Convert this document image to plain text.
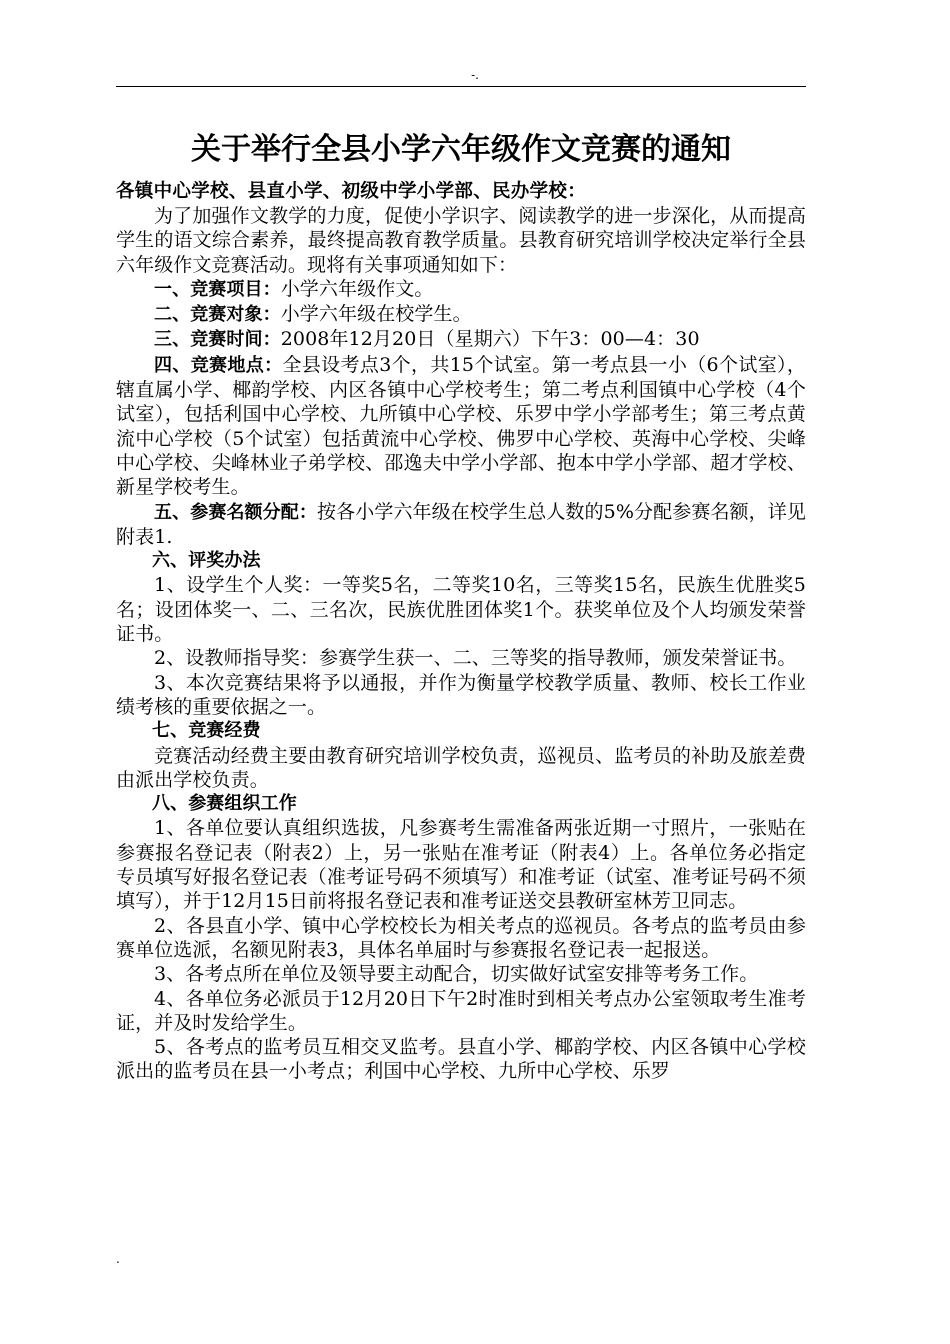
-.
关于举行全县小学六年级作文竞赛的通知

各镇中心学校、县直小学、初级中学小学部、民办学校：

为了加强作文教学的力度，促使小学识字、阅读教学的进一步深化，从而提高学生的语文综合素养，最终提高教育教学质量。县教育研究培训学校决定举行全县六年级作文竞赛活动。现将有关事项通知如下：

一、竞赛项目：小学六年级作文。

二、竞赛对象：小学六年级在校学生。

三、竞赛时间：2008年12月20日（星期六）下午3：00—4：30

四、竞赛地点：全县设考点3个，共15个试室。第一考点县一小（6个试室），辖直属小学、椰韵学校、内区各镇中心学校考生；第二考点利国镇中心学校（4个试室），包括利国中心学校、九所镇中心学校、乐罗中学小学部考生；第三考点黄流中心学校（5个试室）包括黄流中心学校、佛罗中心学校、英海中心学校、尖峰中心学校、尖峰林业子弟学校、邵逸夫中学小学部、抱本中学小学部、超才学校、新星学校考生。

五、参赛名额分配：按各小学六年级在校学生总人数的5%分配参赛名额，详见附表1.

六、评奖办法

1、设学生个人奖：一等奖5名，二等奖10名，三等奖15名，民族生优胜奖5名；设团体奖一、二、三名次，民族优胜团体奖1个。获奖单位及个人均颁发荣誉证书。

2、设教师指导奖：参赛学生获一、二、三等奖的指导教师，颁发荣誉证书。

3、本次竞赛结果将予以通报，并作为衡量学校教学质量、教师、校长工作业绩考核的重要依据之一。

七、竞赛经费

竞赛活动经费主要由教育研究培训学校负责，巡视员、监考员的补助及旅差费由派出学校负责。

八、参赛组织工作

1、各单位要认真组织选拔，凡参赛考生需准备两张近期一寸照片，一张贴在参赛报名登记表（附表2）上，另一张贴在准考证（附表4）上。各单位务必指定专员填写好报名登记表（准考证号码不须填写）和准考证（试室、准考证号码不须填写），并于12月15日前将报名登记表和准考证送交县教研室林芳卫同志。

2、各县直小学、镇中心学校校长为相关考点的巡视员。各考点的监考员由参赛单位选派，名额见附表3，具体名单届时与参赛报名登记表一起报送。

3、各考点所在单位及领导要主动配合，切实做好试室安排等考务工作。

4、各单位务必派员于12月20日下午2时准时到相关考点办公室领取考生准考证，并及时发给学生。

5、各考点的监考员互相交叉监考。县直小学、椰韵学校、内区各镇中心学校派出的监考员在县一小考点；利国中心学校、九所中心学校、乐罗

.
